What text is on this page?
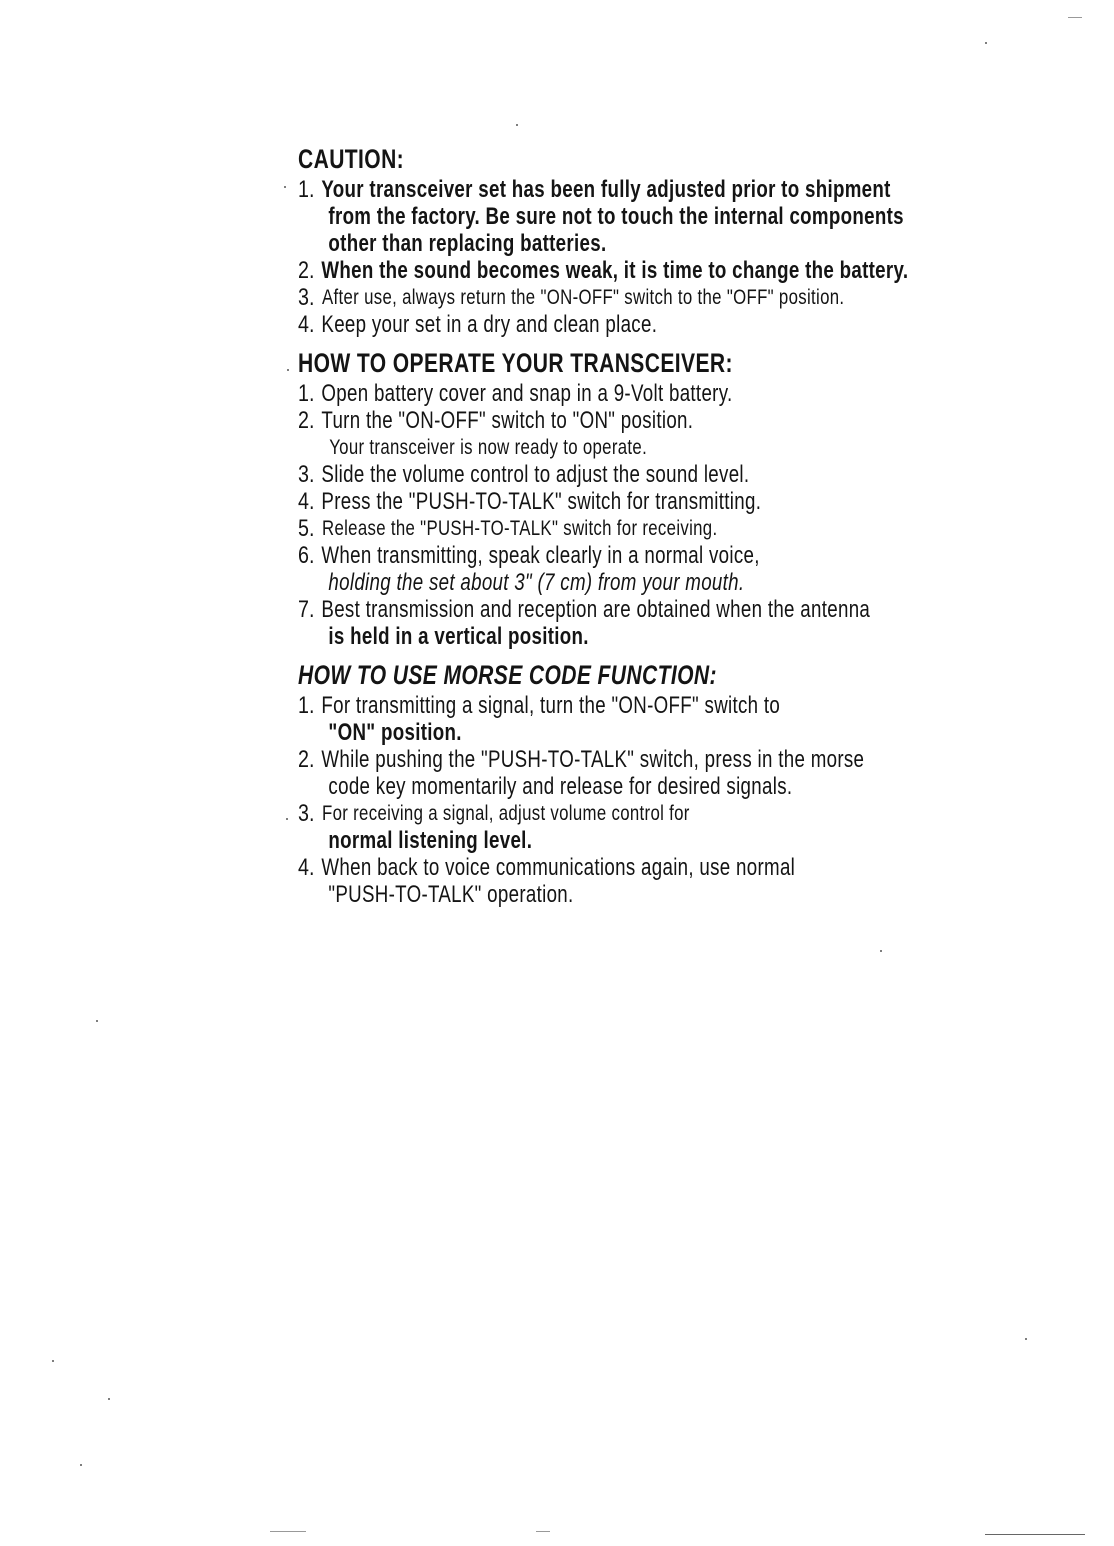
CAUTION:
1. Your transceiver set has been fully adjusted prior to shipment
from the factory. Be sure not to touch the internal components
other than replacing batteries.
2. When the sound becomes weak, it is time to change the battery.
3. After use, always return the "ON-OFF" switch to the "OFF" position.
4. Keep your set in a dry and clean place.
HOW TO OPERATE YOUR TRANSCEIVER:
1. Open battery cover and snap in a 9-Volt battery.
2. Turn the "ON-OFF" switch to "ON" position.
Your transceiver is now ready to operate.
3. Slide the volume control to adjust the sound level.
4. Press the "PUSH-TO-TALK" switch for transmitting.
5. Release the "PUSH-TO-TALK" switch for receiving.
6. When transmitting, speak clearly in a normal voice,
holding the set about 3" (7 cm) from your mouth.
7. Best transmission and reception are obtained when the antenna
is held in a vertical position.
HOW TO USE MORSE CODE FUNCTION:
1. For transmitting a signal, turn the "ON-OFF" switch to
"ON" position.
2. While pushing the "PUSH-TO-TALK" switch, press in the morse
code key momentarily and release for desired signals.
3. For receiving a signal, adjust volume control for
normal listening level.
4. When back to voice communications again, use normal
"PUSH-TO-TALK" operation.
